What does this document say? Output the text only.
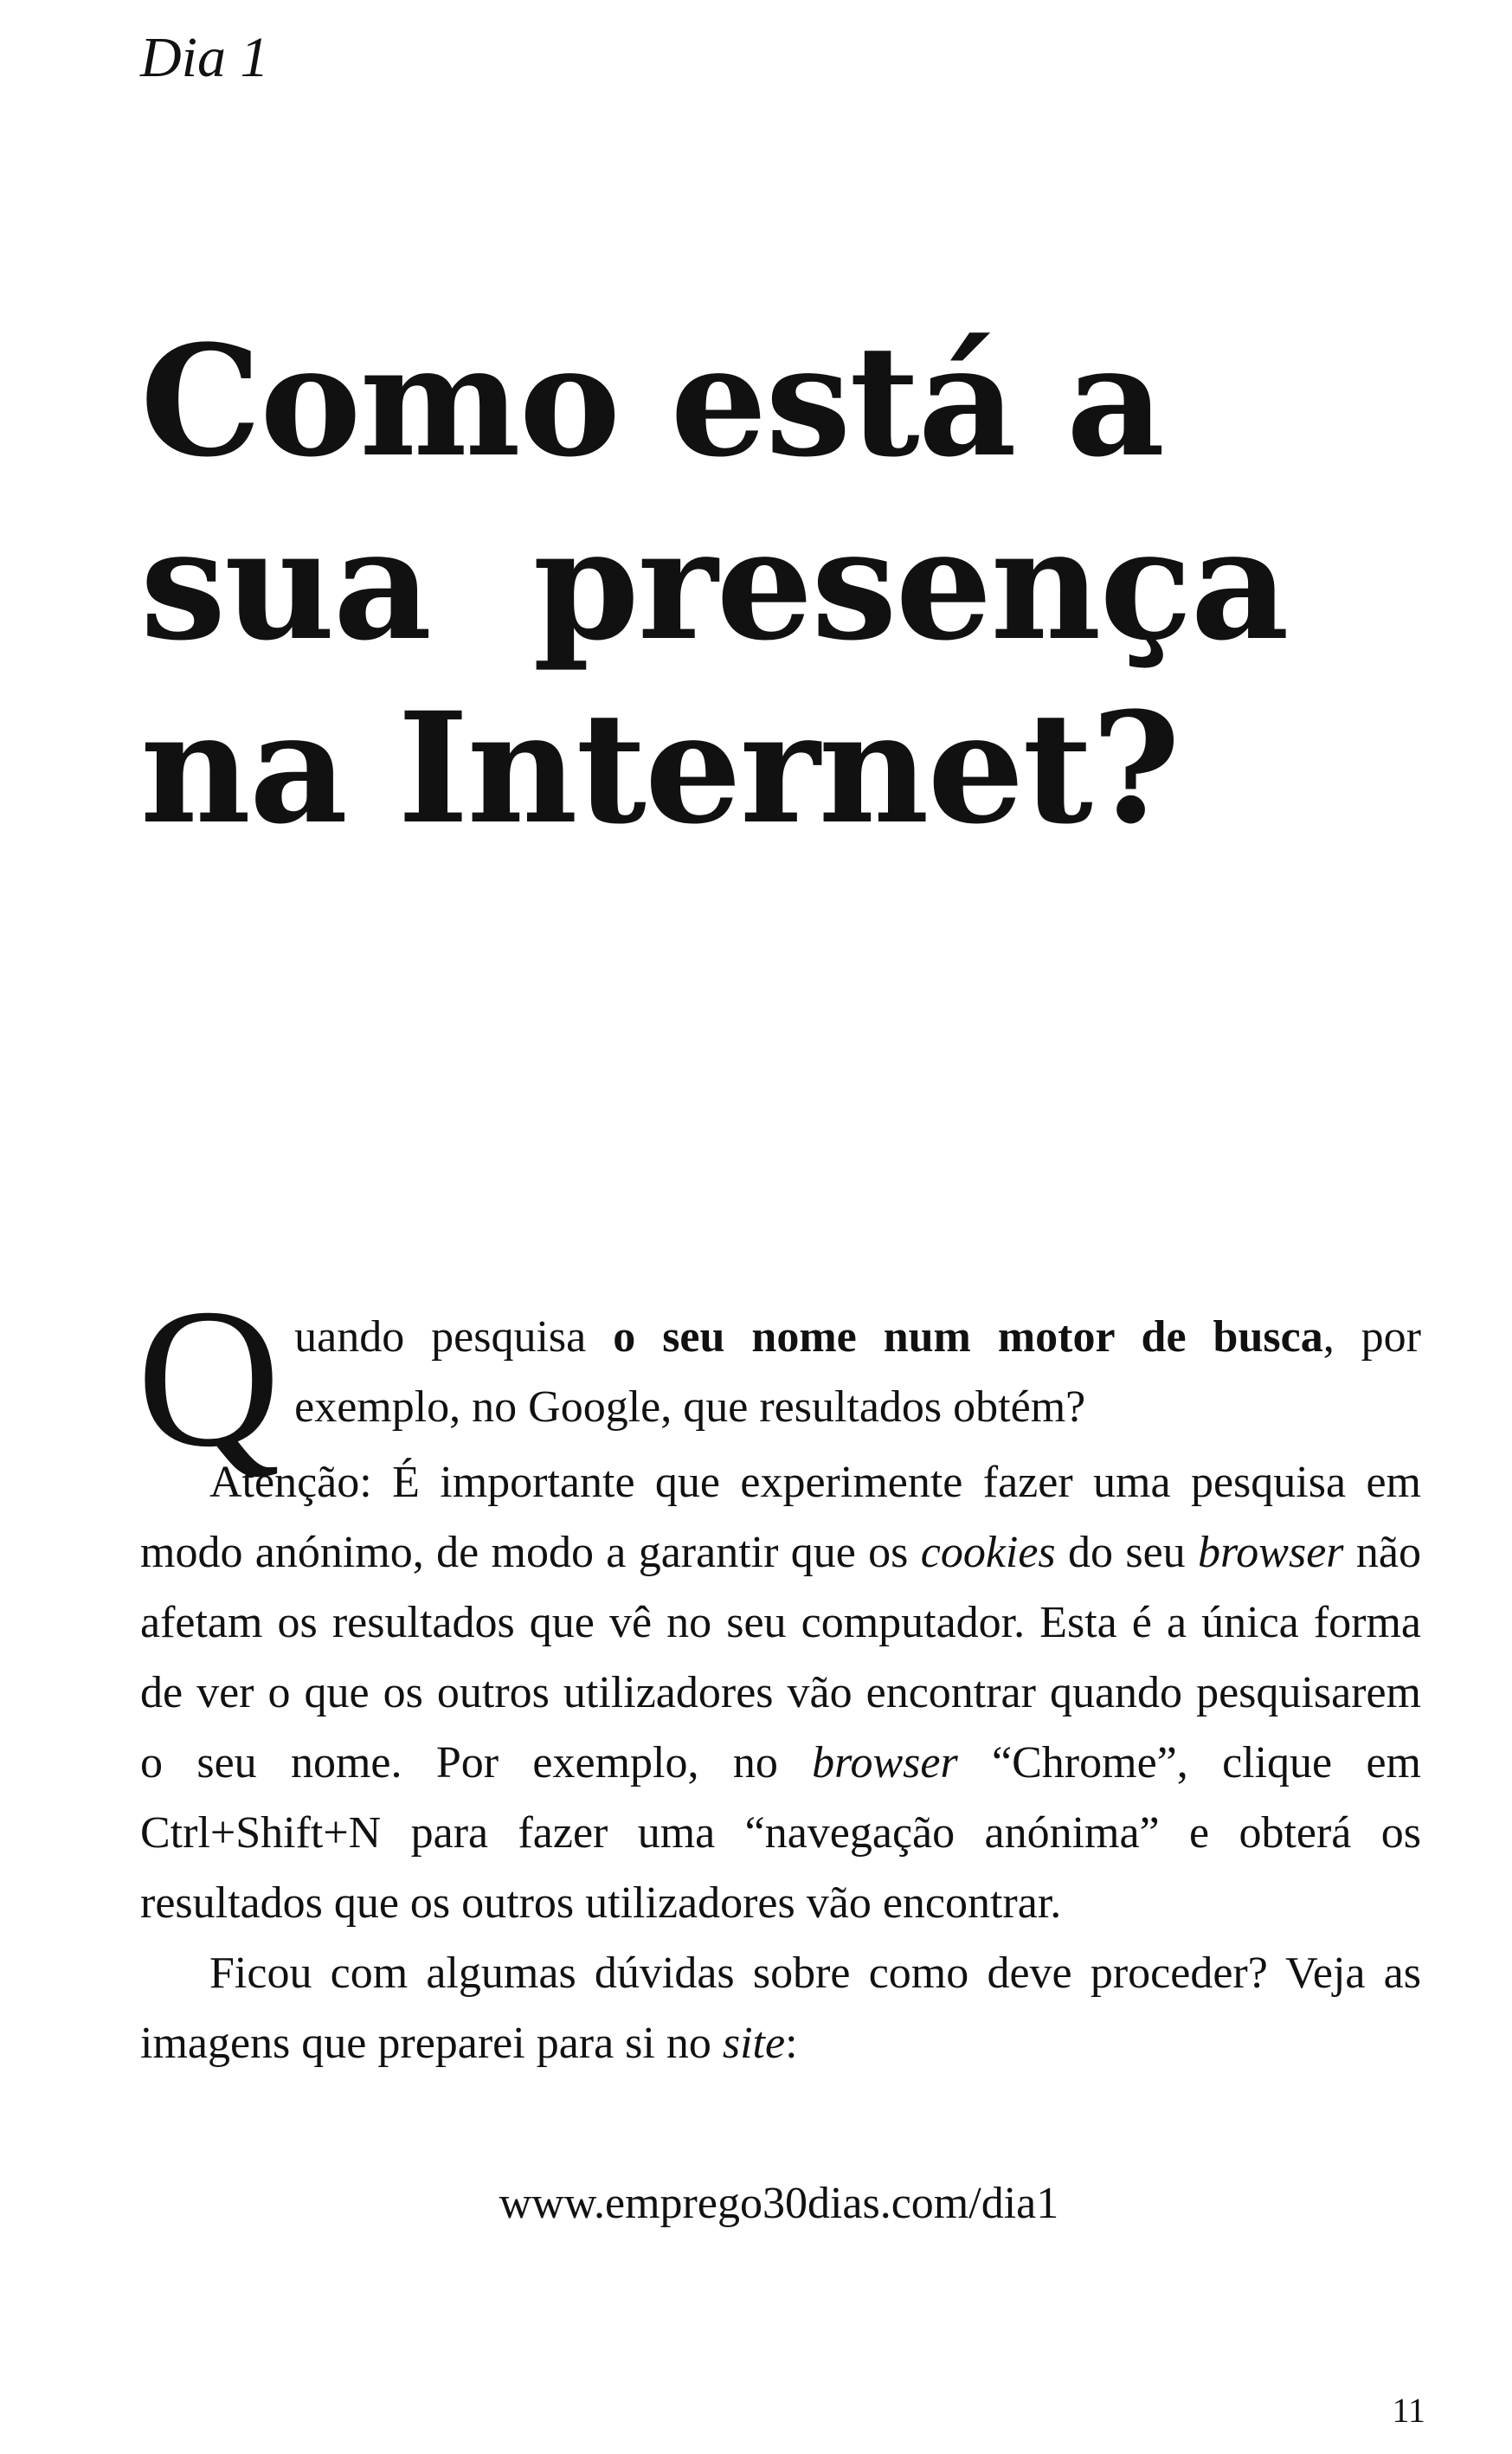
Dia 1
Como está a
sua  presença
na Internet?

Quando pesquisa o seu nome num motor de busca, por exemplo, no Google, que resultados obtém?

Atenção: É importante que experimente fazer uma pesquisa em modo anónimo, de modo a garantir que os cookies do seu browser não afetam os resultados que vê no seu computador. Esta é a única forma de ver o que os outros utilizadores vão encontrar quando pesquisarem o seu nome. Por exemplo, no browser “Chrome”, clique em Ctrl+Shift+N para fazer uma “navegação anónima” e obterá os resultados que os outros utilizadores vão encontrar.

Ficou com algumas dúvidas sobre como deve proceder? Veja as imagens que preparei para si no site:

www.emprego30dias.com/dia1
11
